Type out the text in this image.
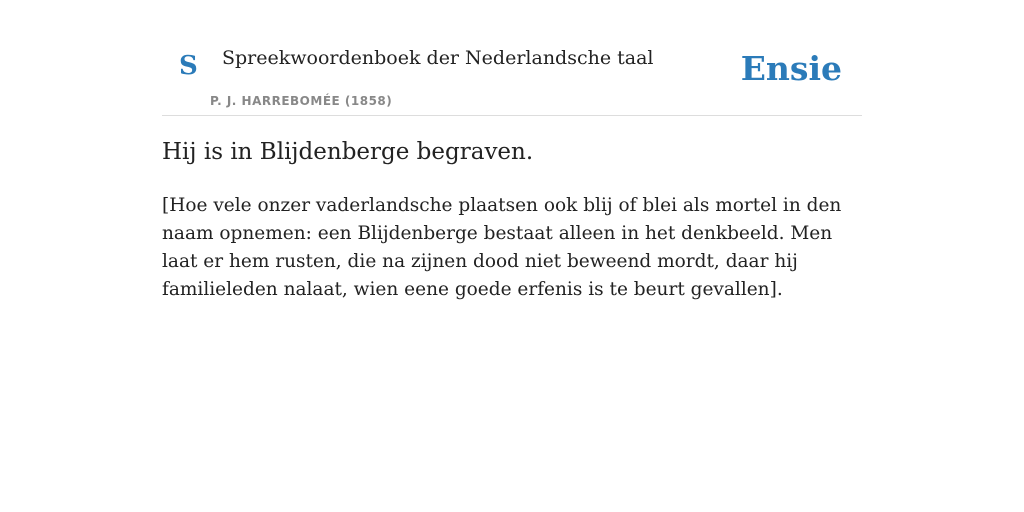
S Spreekwoordenboek der Nederlandsche taal
P. J. HARREBOMÉE (1858)
Ensie
Hij is in Blijdenberge begraven.

[Hoe vele onzer vaderlandsche plaatsen ook blij of blei als mortel in den naam opnemen: een Blijdenberge bestaat alleen in het denkbeeld. Men laat er hem rusten, die na zijnen dood niet beweend mordt, daar hij familieleden nalaat, wien eene goede erfenis is te beurt gevallen].
